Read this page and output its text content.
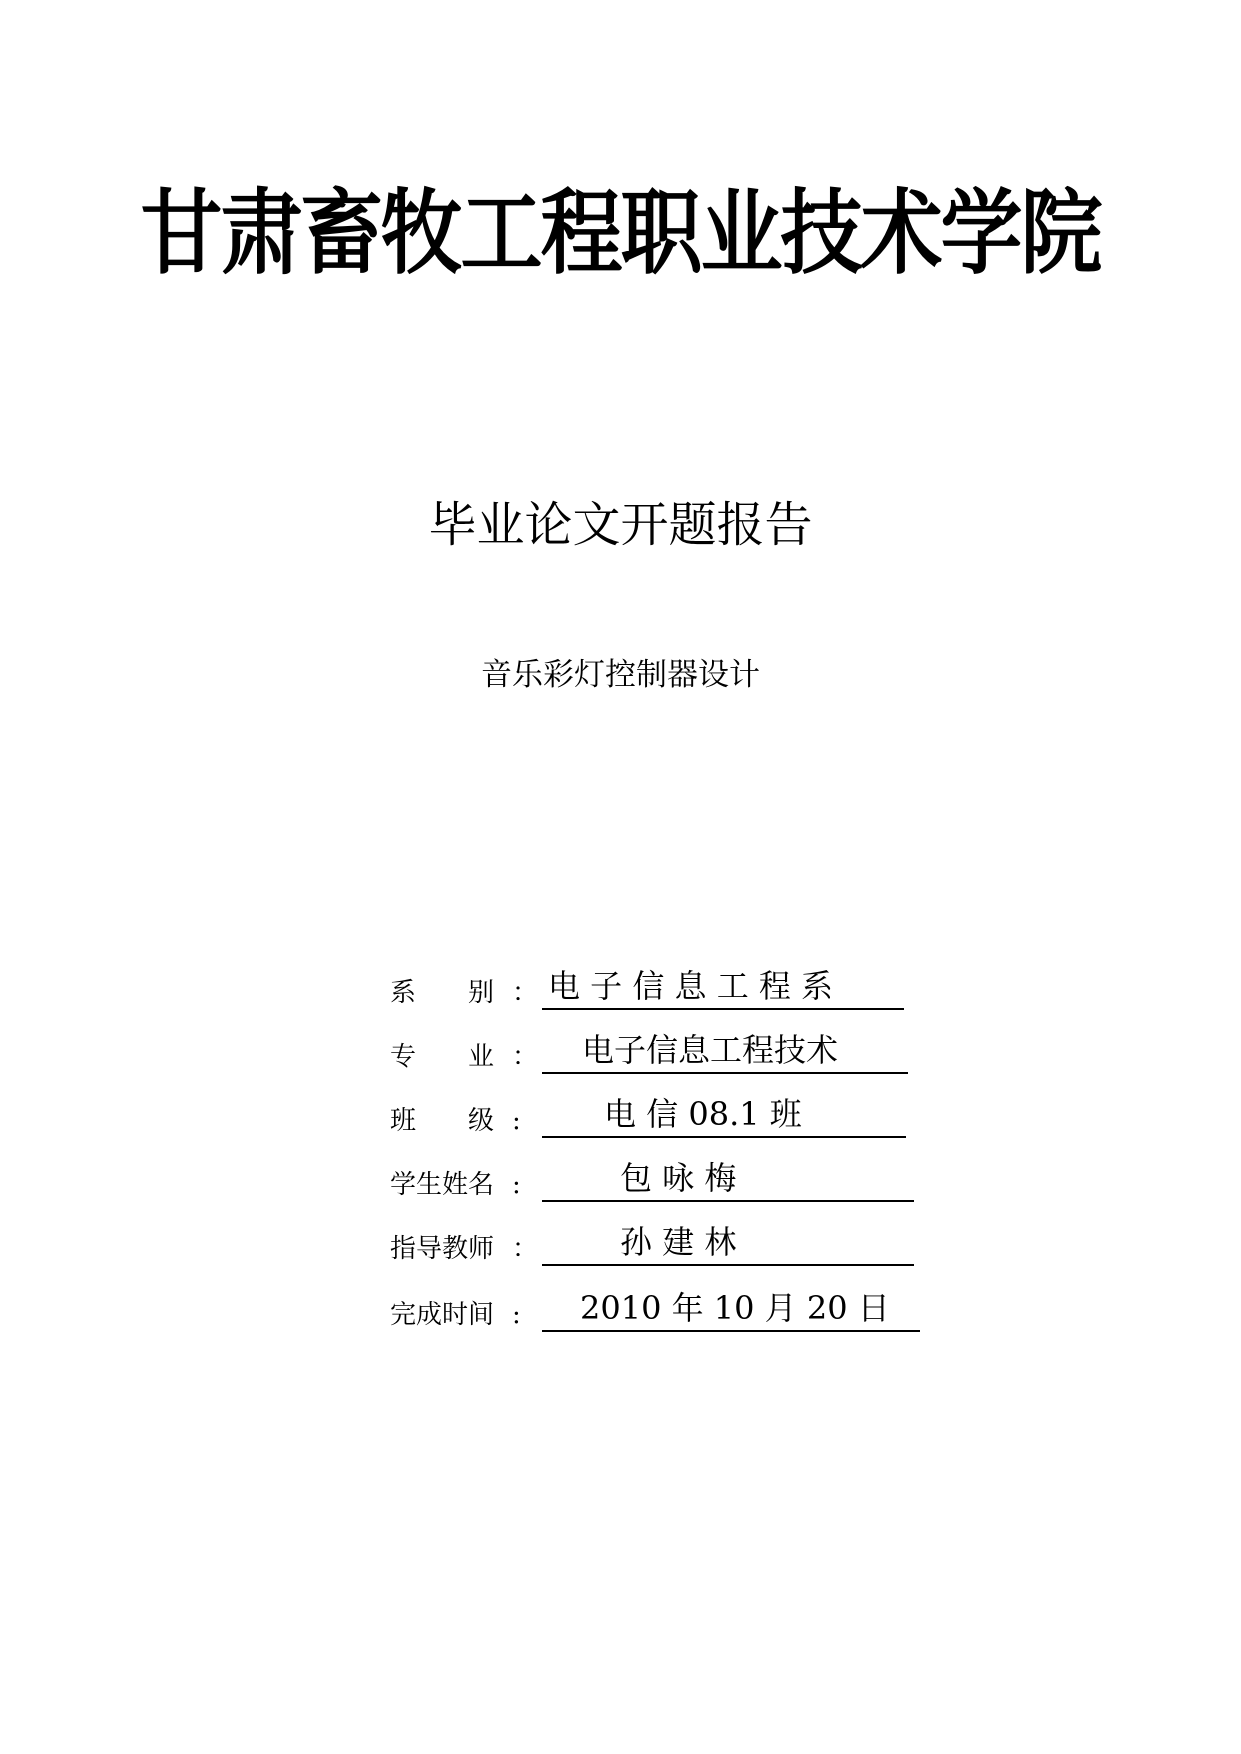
甘肃畜牧工程职业技术学院
毕业论文开题报告
音乐彩灯控制器设计
系　　别 ： 电 子 信 息 工 程 系
专　　业 ： 电子信息工程技术
班　　级 :	电 信 08.1 班
学生姓名 :	包 咏 梅
指导教师 ：	孙 建 林
完成时间 : 2010 年 10 月 20 日
